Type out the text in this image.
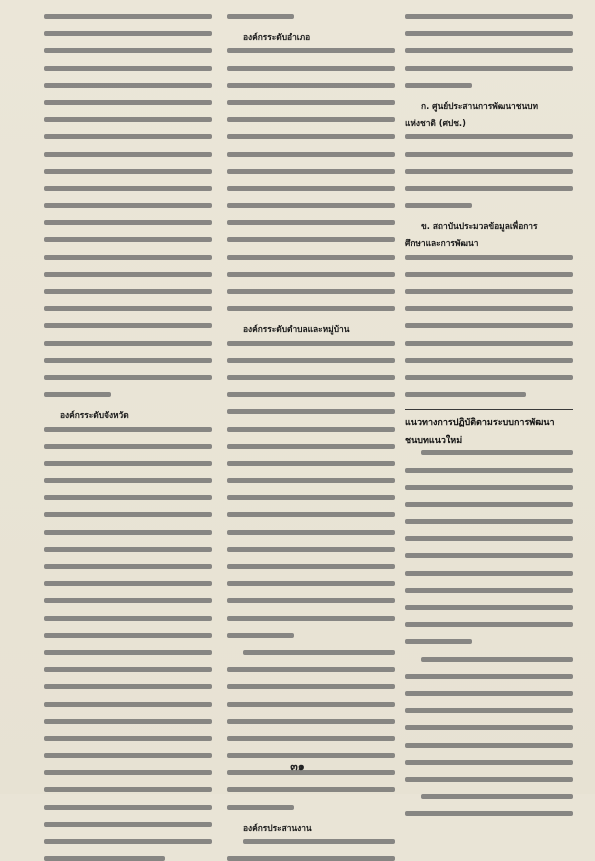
องค์กรระดับจังหวัด
องค์กรระดับอำเภอ
องค์กรระดับตำบลและหมู่บ้าน
องค์กรประสานงาน
ก. ศูนย์ประสานการพัฒนาชนบท
แห่งชาติ (ศปช.)
ข. สถาบันประมวลข้อมูลเพื่อการ
ศึกษาและการพัฒนา
แนวทางการปฏิบัติตามระบบการพัฒนา
ชนบทแนวใหม่
๓๑
